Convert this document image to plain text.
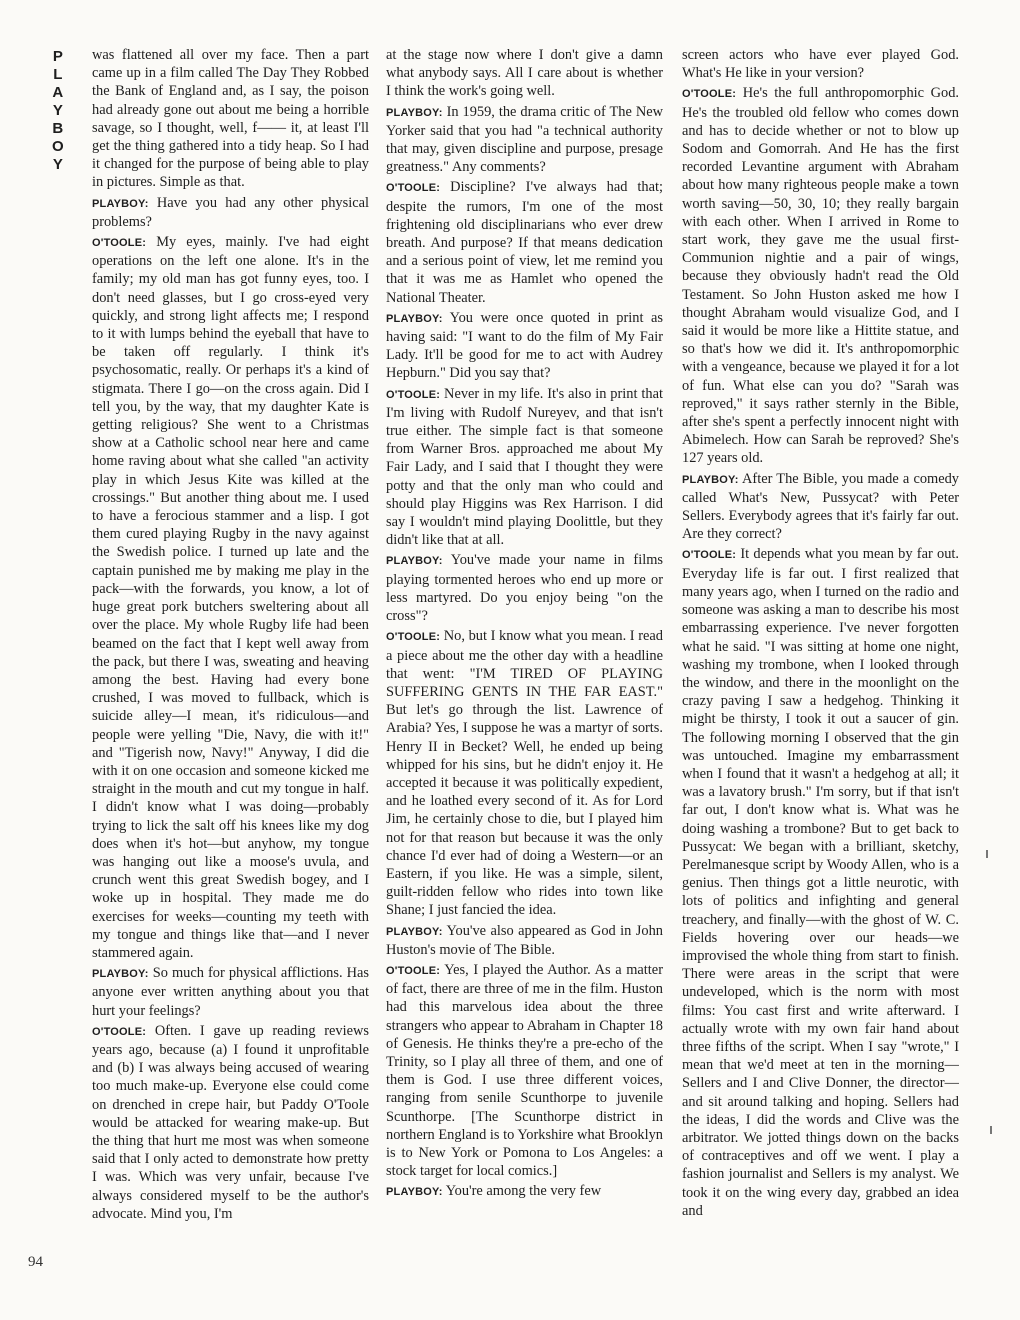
P
L
A
Y
B
O
Y
94

was flattened all over my face. Then a part came up in a film called The Day They Robbed the Bank of England and, as I say, the poison had already gone out about me being a horrible savage, so I thought, well, f—— it, at least I'll get the thing gathered into a tidy heap. So I had it changed for the purpose of being able to play in pictures. Simple as that.

PLAYBOY: Have you had any other physical problems?

O'TOOLE: My eyes, mainly. I've had eight operations on the left one alone. It's in the family; my old man has got funny eyes, too. I don't need glasses, but I go cross-eyed very quickly, and strong light affects me; I respond to it with lumps behind the eyeball that have to be taken off regularly. I think it's psychosomatic, really. Or perhaps it's a kind of stigmata. There I go—on the cross again. Did I tell you, by the way, that my daughter Kate is getting religious? She went to a Christmas show at a Catholic school near here and came home raving about what she called "an activity play in which Jesus Kite was killed at the crossings." But another thing about me. I used to have a ferocious stammer and a lisp. I got them cured playing Rugby in the navy against the Swedish police. I turned up late and the captain punished me by making me play in the pack—with the forwards, you know, a lot of huge great pork butchers sweltering about all over the place. My whole Rugby life had been beamed on the fact that I kept well away from the pack, but there I was, sweating and heaving among the best. Having had every bone crushed, I was moved to fullback, which is suicide alley—I mean, it's ridiculous—and people were yelling "Die, Navy, die with it!" and "Tigerish now, Navy!" Anyway, I did die with it on one occasion and someone kicked me straight in the mouth and cut my tongue in half. I didn't know what I was doing—probably trying to lick the salt off his knees like my dog does when it's hot—but anyhow, my tongue was hanging out like a moose's uvula, and crunch went this great Swedish bogey, and I woke up in hospital. They made me do exercises for weeks—counting my teeth with my tongue and things like that—and I never stammered again.

PLAYBOY: So much for physical afflictions. Has anyone ever written anything about you that hurt your feelings?

O'TOOLE: Often. I gave up reading reviews years ago, because (a) I found it unprofitable and (b) I was always being accused of wearing too much make-up. Everyone else could come on drenched in crepe hair, but Paddy O'Toole would be attacked for wearing make-up. But the thing that hurt me most was when someone said that I only acted to demonstrate how pretty I was. Which was very unfair, because I've always considered myself to be the author's advocate. Mind you, I'm

at the stage now where I don't give a damn what anybody says. All I care about is whether I think the work's going well.

PLAYBOY: In 1959, the drama critic of The New Yorker said that you had "a technical authority that may, given discipline and purpose, presage greatness." Any comments?

O'TOOLE: Discipline? I've always had that; despite the rumors, I'm one of the most frightening old disciplinarians who ever drew breath. And purpose? If that means dedication and a serious point of view, let me remind you that it was me as Hamlet who opened the National Theater.

PLAYBOY: You were once quoted in print as having said: "I want to do the film of My Fair Lady. It'll be good for me to act with Audrey Hepburn." Did you say that?

O'TOOLE: Never in my life. It's also in print that I'm living with Rudolf Nureyev, and that isn't true either. The simple fact is that someone from Warner Bros. approached me about My Fair Lady, and I said that I thought they were potty and that the only man who could and should play Higgins was Rex Harrison. I did say I wouldn't mind playing Doolittle, but they didn't like that at all.

PLAYBOY: You've made your name in films playing tormented heroes who end up more or less martyred. Do you enjoy being "on the cross"?

O'TOOLE: No, but I know what you mean. I read a piece about me the other day with a headline that went: "I'M TIRED OF PLAYING SUFFERING GENTS IN THE FAR EAST." But let's go through the list. Lawrence of Arabia? Yes, I suppose he was a martyr of sorts. Henry II in Becket? Well, he ended up being whipped for his sins, but he didn't enjoy it. He accepted it because it was politically expedient, and he loathed every second of it. As for Lord Jim, he certainly chose to die, but I played him not for that reason but because it was the only chance I'd ever had of doing a Western—or an Eastern, if you like. He was a simple, silent, guilt-ridden fellow who rides into town like Shane; I just fancied the idea.

PLAYBOY: You've also appeared as God in John Huston's movie of The Bible.

O'TOOLE: Yes, I played the Author. As a matter of fact, there are three of me in the film. Huston had this marvelous idea about the three strangers who appear to Abraham in Chapter 18 of Genesis. He thinks they're a pre-echo of the Trinity, so I play all three of them, and one of them is God. I use three different voices, ranging from senile Scunthorpe to juvenile Scunthorpe. [The Scunthorpe district in northern England is to Yorkshire what Brooklyn is to New York or Pomona to Los Angeles: a stock target for local comics.]

PLAYBOY: You're among the very few

screen actors who have ever played God. What's He like in your version?

O'TOOLE: He's the full anthropomorphic God. He's the troubled old fellow who comes down and has to decide whether or not to blow up Sodom and Gomorrah. And He has the first recorded Levantine argument with Abraham about how many righteous people make a town worth saving—50, 30, 10; they really bargain with each other. When I arrived in Rome to start work, they gave me the usual first-Communion nightie and a pair of wings, because they obviously hadn't read the Old Testament. So John Huston asked me how I thought Abraham would visualize God, and I said it would be more like a Hittite statue, and so that's how we did it. It's anthropomorphic with a vengeance, because we played it for a lot of fun. What else can you do? "Sarah was reproved," it says rather sternly in the Bible, after she's spent a perfectly innocent night with Abimelech. How can Sarah be reproved? She's 127 years old.

PLAYBOY: After The Bible, you made a comedy called What's New, Pussycat? with Peter Sellers. Everybody agrees that it's fairly far out. Are they correct?

O'TOOLE: It depends what you mean by far out. Everyday life is far out. I first realized that many years ago, when I turned on the radio and someone was asking a man to describe his most embarrassing experience. I've never forgotten what he said. "I was sitting at home one night, washing my trombone, when I looked through the window, and there in the moonlight on the crazy paving I saw a hedgehog. Thinking it might be thirsty, I took it out a saucer of gin. The following morning I observed that the gin was untouched. Imagine my embarrassment when I found that it wasn't a hedgehog at all; it was a lavatory brush." I'm sorry, but if that isn't far out, I don't know what is. What was he doing washing a trombone? But to get back to Pussycat: We began with a brilliant, sketchy, Perelmanesque script by Woody Allen, who is a genius. Then things got a little neurotic, with lots of politics and infighting and general treachery, and finally—with the ghost of W. C. Fields hovering over our heads—we improvised the whole thing from start to finish. There were areas in the script that were undeveloped, which is the norm with most films: You cast first and write afterward. I actually wrote with my own fair hand about three fifths of the script. When I say "wrote," I mean that we'd meet at ten in the morning—Sellers and I and Clive Donner, the director—and sit around talking and hoping. Sellers had the ideas, I did the words and Clive was the arbitrator. We jotted things down on the backs of contraceptives and off we went. I play a fashion journalist and Sellers is my analyst. We took it on the wing every day, grabbed an idea and
